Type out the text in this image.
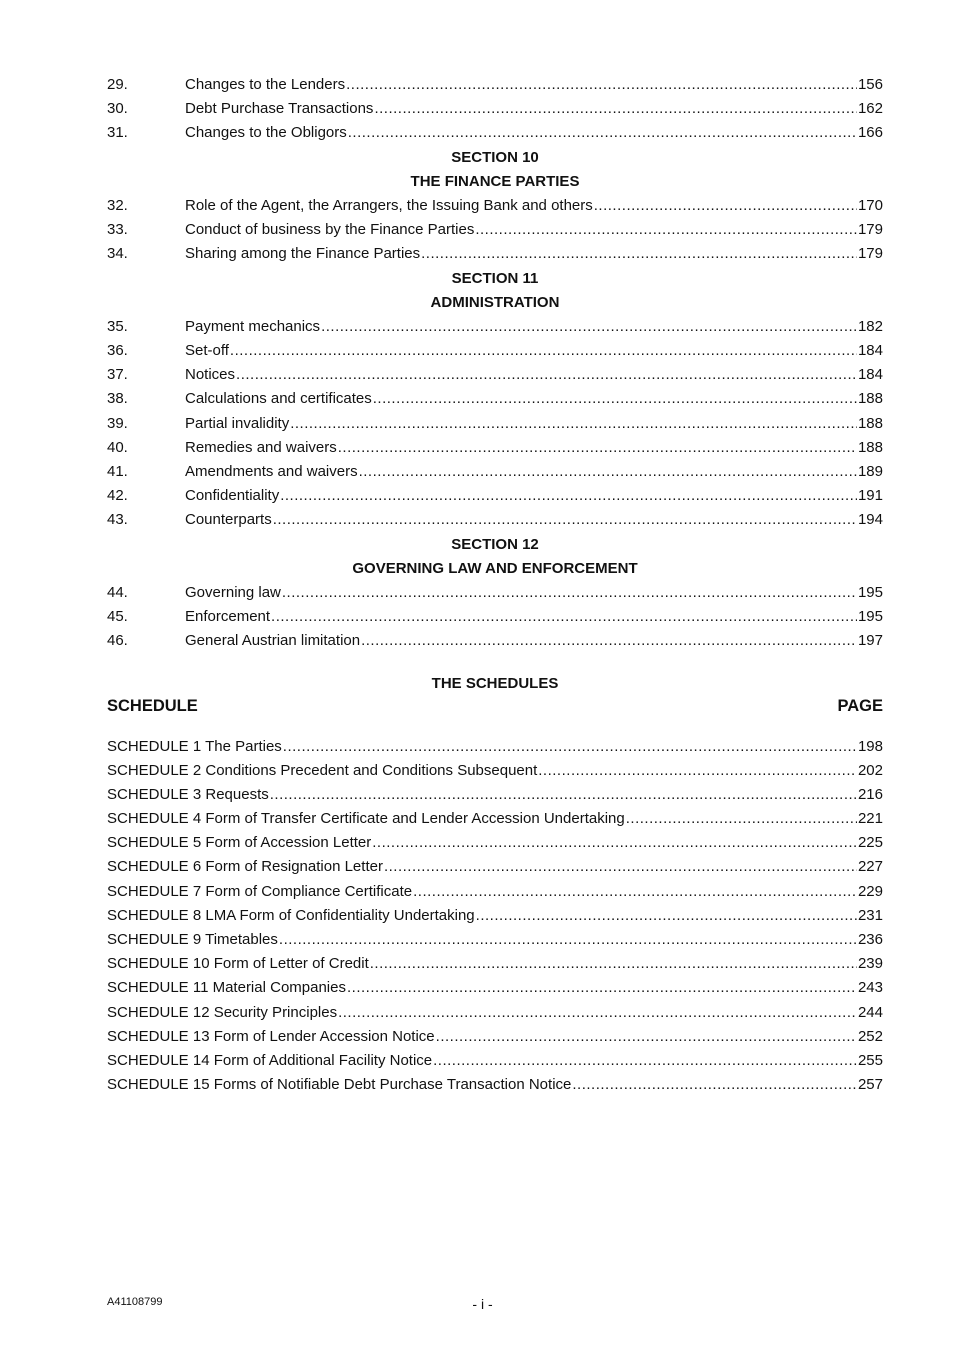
29.	Changes to the Lenders .....	156
30.	Debt Purchase Transactions .....	162
31.	Changes to the Obligors .....	166
SECTION 10
THE FINANCE PARTIES
32.	Role of the Agent, the Arrangers, the Issuing Bank and others .....	170
33.	Conduct of business by the Finance Parties .....	179
34.	Sharing among the Finance Parties .....	179
SECTION 11
ADMINISTRATION
35.	Payment mechanics .....	182
36.	Set-off .....	184
37.	Notices .....	184
38.	Calculations and certificates .....	188
39.	Partial invalidity .....	188
40.	Remedies and waivers .....	188
41.	Amendments and waivers .....	189
42.	Confidentiality .....	191
43.	Counterparts .....	194
SECTION 12
GOVERNING LAW AND ENFORCEMENT
44.	Governing law .....	195
45.	Enforcement .....	195
46.	General Austrian limitation .....	197
THE SCHEDULES
SCHEDULE	PAGE
SCHEDULE 1 The Parties .....	198
SCHEDULE 2 Conditions Precedent and Conditions Subsequent .....	202
SCHEDULE 3 Requests .....	216
SCHEDULE 4 Form of Transfer Certificate and Lender Accession Undertaking .....	221
SCHEDULE 5 Form of Accession Letter .....	225
SCHEDULE 6 Form of Resignation Letter .....	227
SCHEDULE 7 Form of Compliance Certificate .....	229
SCHEDULE 8 LMA Form of Confidentiality Undertaking .....	231
SCHEDULE 9 Timetables .....	236
SCHEDULE 10 Form of Letter of Credit .....	239
SCHEDULE 11 Material Companies .....	243
SCHEDULE 12 Security Principles .....	244
SCHEDULE 13 Form of Lender Accession Notice .....	252
SCHEDULE 14 Form of Additional Facility Notice .....	255
SCHEDULE 15 Forms of Notifiable Debt Purchase Transaction Notice .....	257
A41108799	- i -
